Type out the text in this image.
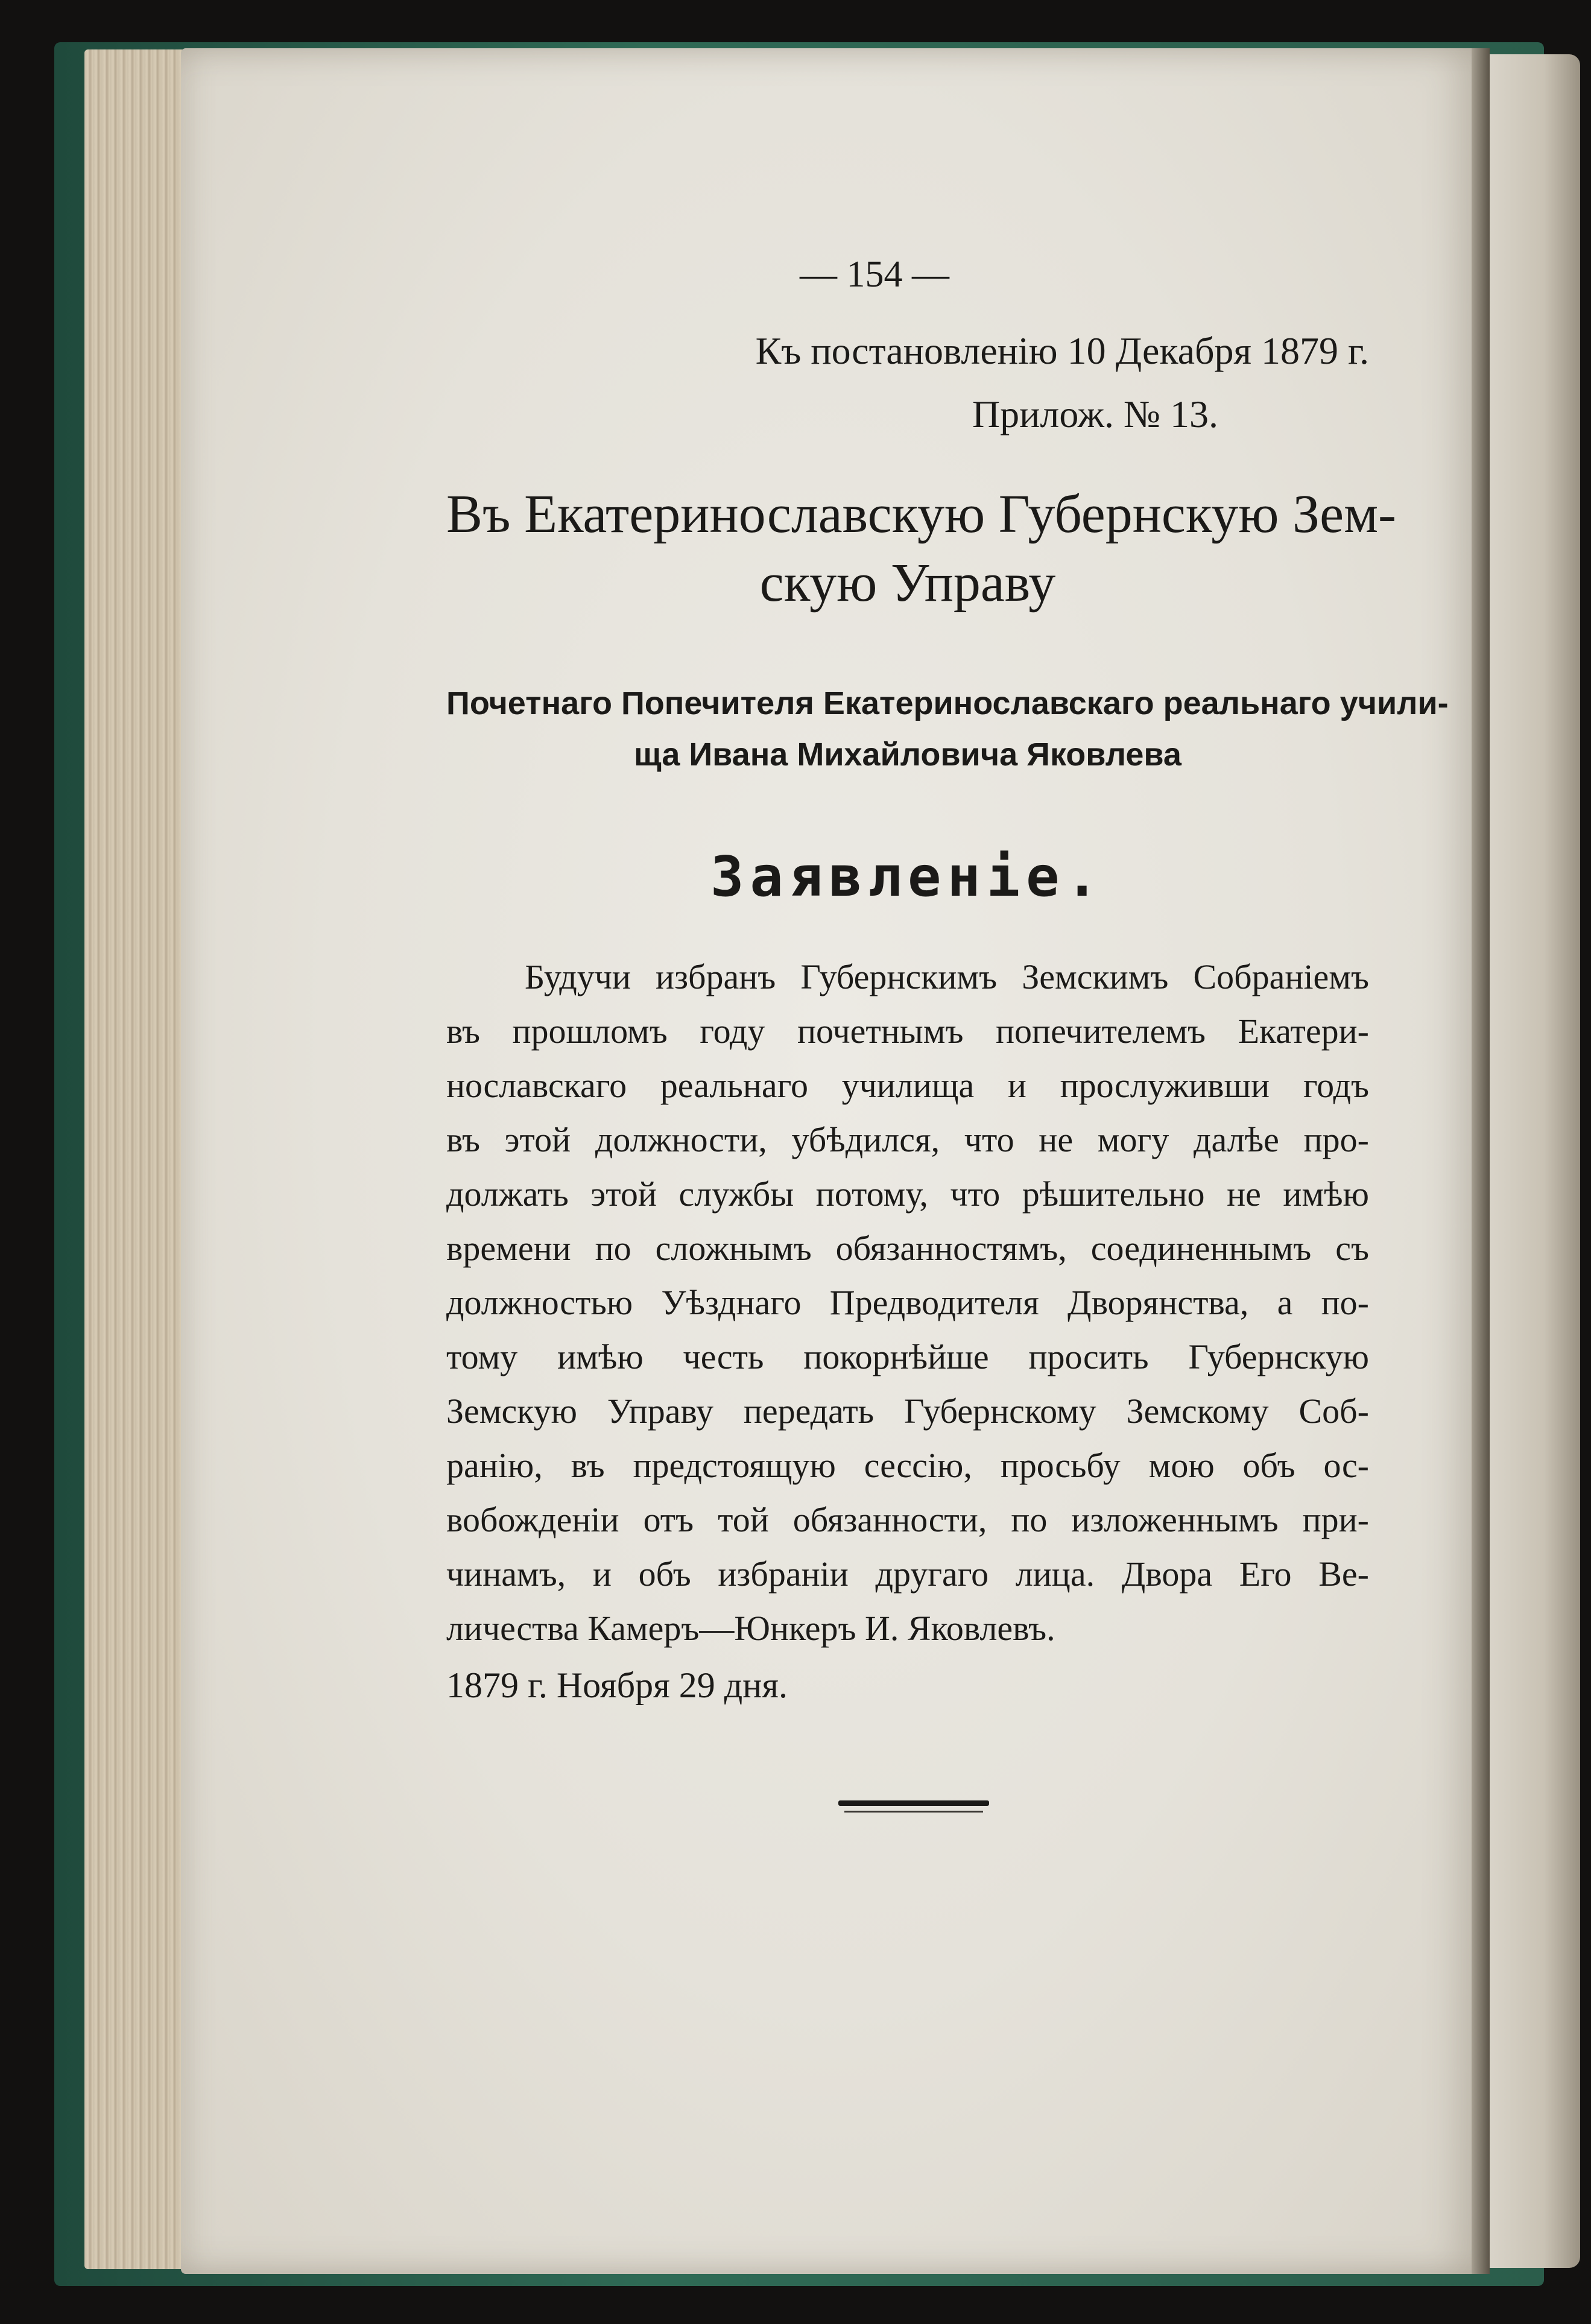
— 154 —
Къ постановленію 10 Декабря 1879 г.
Прилож. № 13.
Въ Екатеринославскую Губернскую Зем-
скую Управу
Почетнаго Попечителя Екатеринославскаго реальнаго учили-
ща Ивана Михайловича Яковлева
Заявленіе.
Будучи избранъ Губернскимъ Земскимъ Собраніемъ
въ прошломъ году почетнымъ попечителемъ Екатери-
нославскаго реальнаго училища и прослуживши годъ
въ этой должности, убѣдился, что не могу далѣе про-
должать этой службы потому, что рѣшительно не имѣю
времени по сложнымъ обязанностямъ, соединеннымъ съ
должностью Уѣзднаго Предводителя Дворянства, а по-
тому имѣю честь покорнѣйше просить Губернскую
Земскую Управу передать Губернскому Земскому Соб-
ранію, въ предстоящую сессію, просьбу мою объ ос-
вобожденіи отъ той обязанности, по изложеннымъ при-
чинамъ, и объ избраніи другаго лица. Двора Его Ве-
личества Камеръ—Юнкеръ И. Яковлевъ.
1879 г. Ноября 29 дня.
